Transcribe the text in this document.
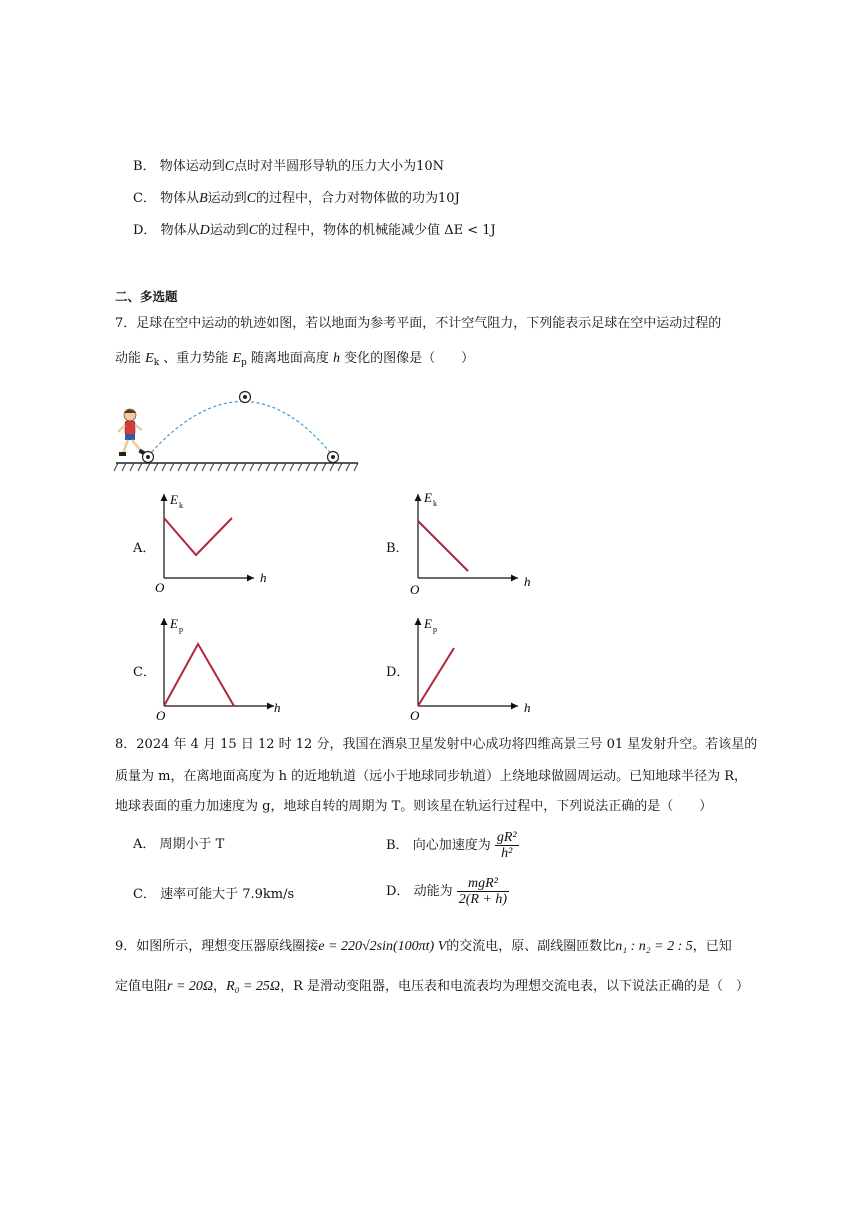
B． 物体运动到C点时对半圆形导轨的压力大小为10N
C． 物体从B运动到C的过程中，合力对物体做的功为10J
D． 物体从D运动到C的过程中，物体的机械能减少值 ΔE < 1J
二、多选题
7．足球在空中运动的轨迹如图，若以地面为参考平面，不计空气阻力，下列能表示足球在空中运动过程的
动能 $E_k$ 、重力势能 $E_p$ 随离地面高度 h 变化的图像是（　　）
A．
E k
h
O
B．
E k
h
O
C．
E p
h
O
D．
E p
h
O
8．2024 年 4 月 15 日 12 时 12 分，我国在酒泉卫星发射中心成功将四维高景三号 01 星发射升空。若该星的
质量为 m，在离地面高度为 h 的近地轨道（远小于地球同步轨道）上绕地球做圆周运动。已知地球半径为 R，
地球表面的重力加速度为 g，地球自转的周期为 T。则该星在轨运行过程中，下列说法正确的是（　　）
A． 周期小于 T	B． 向心加速度为 $\frac{\text{gR²}}{\text{h²}}$
C． 速率可能大于 7.9km/s	D． 动能为 $\frac{\text{mgR²}}{2(R + h)}$
9．如图所示，理想变压器原线圈接e = 220√2sin(100πt) V的交流电，原、副线圈匝数比n₁ : n₂ = 2 : 5，已知
定值电阻r = 20Ω，R₀ = 25Ω，R 是滑动变阻器，电压表和电流表均为理想交流电表，以下说法正确的是（　）
